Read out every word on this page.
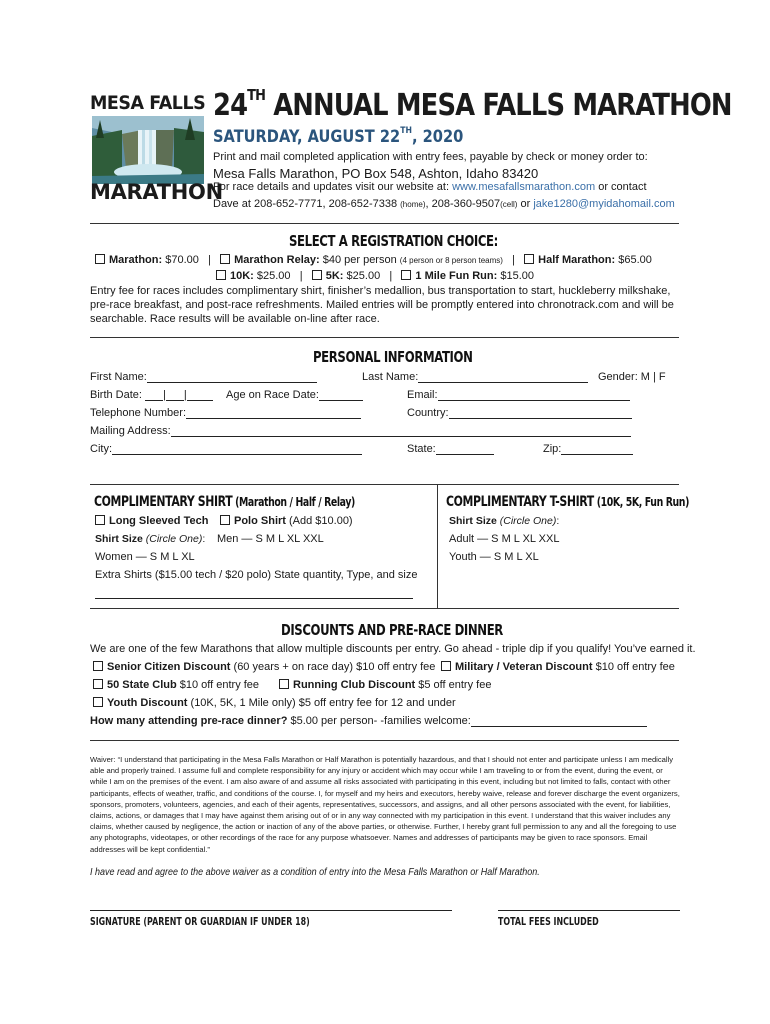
MESA FALLS
MARATHON
24TH ANNUAL MESA FALLS MARATHON
SATURDAY, AUGUST 22TH, 2020
Print and mail completed application with entry fees, payable by check or money order to:
Mesa Falls Marathon, PO Box 548, Ashton, Idaho 83420
For race details and updates visit our website at: www.mesafallsmarathon.com or contact
Dave at 208-652-7771, 208-652-7338 (home), 208-360-9507(cell) or jake1280@myidahomail.com
SELECT A REGISTRATION CHOICE:
Marathon: $70.00 | Marathon Relay: $40 per person (4 person or 8 person teams) | Half Marathon: $65.00
10K: $25.00 | 5K: $25.00 | 1 Mile Fun Run: $15.00
Entry fee for races includes complimentary shirt, finisher’s medallion, bus transportation to start, huckleberry milkshake,
pre-race breakfast, and post-race refreshments. Mailed entries will be promptly entered into chronotrack.com and will be
searchable. Race results will be available on-line after race.
PERSONAL INFORMATION
First Name:	Last Name:	Gender: M | F
Birth Date: | |	Age on Race Date:	Email:
Telephone Number:	Country:
Mailing Address:
City:	State:	Zip:
COMPLIMENTARY SHIRT (Marathon / Half / Relay)
Long Sleeved Tech	Polo Shirt (Add $10.00)
Shirt Size (Circle One): Men — S M L XL XXL
Women — S M L XL
Extra Shirts ($15.00 tech / $20 polo) State quantity, Type, and size
COMPLIMENTARY T-SHIRT (10K, 5K, Fun Run)
Shirt Size (Circle One):
Adult — S M L XL XXL
Youth — S M L XL
DISCOUNTS AND PRE-RACE DINNER
We are one of the few Marathons that allow multiple discounts per entry. Go ahead - triple dip if you qualify! You’ve earned it.
Senior Citizen Discount (60 years + on race day) $10 off entry fee	Military / Veteran Discount $10 off entry fee
50 State Club $10 off entry fee	Running Club Discount $5 off entry fee
Youth Discount (10K, 5K, 1 Mile only) $5 off entry fee for 12 and under
How many attending pre-race dinner? $5.00 per person- -families welcome:
Waiver: “I understand that participating in the Mesa Falls Marathon or Half Marathon is potentially hazardous, and that I should not enter and participate unless I am medically able and properly trained. I assume full and complete responsibility for any injury or accident which may occur while I am traveling to or from the event, during the event, or while I am on the premises of the event. I am also aware of and assume all risks associated with participating in this event, including but not limited to falls, contact with other participants, effects of weather, traffic, and conditions of the course. I, for myself and my heirs and executors, hereby waive, release and forever discharge the event organizers, sponsors, promoters, volunteers, agencies, and each of their agents, representatives, successors, and assigns, and all other persons associated with the event, for liabilities, claims, actions, or damages that I may have against them arising out of or in any way connected with my participation in this event. I understand that this waiver includes any claims, whether caused by negligence, the action or inaction of any of the above parties, or otherwise. Further, I hereby grant full permission to any and all the foregoing to use any photographs, videotapes, or other recordings of the race for any purpose whatsoever. Names and addresses of participants may be given to race sponsors. Email addresses will be kept confidential.”
I have read and agree to the above waiver as a condition of entry into the Mesa Falls Marathon or Half Marathon.
SIGNATURE (PARENT OR GUARDIAN IF UNDER 18)	TOTAL FEES INCLUDED
